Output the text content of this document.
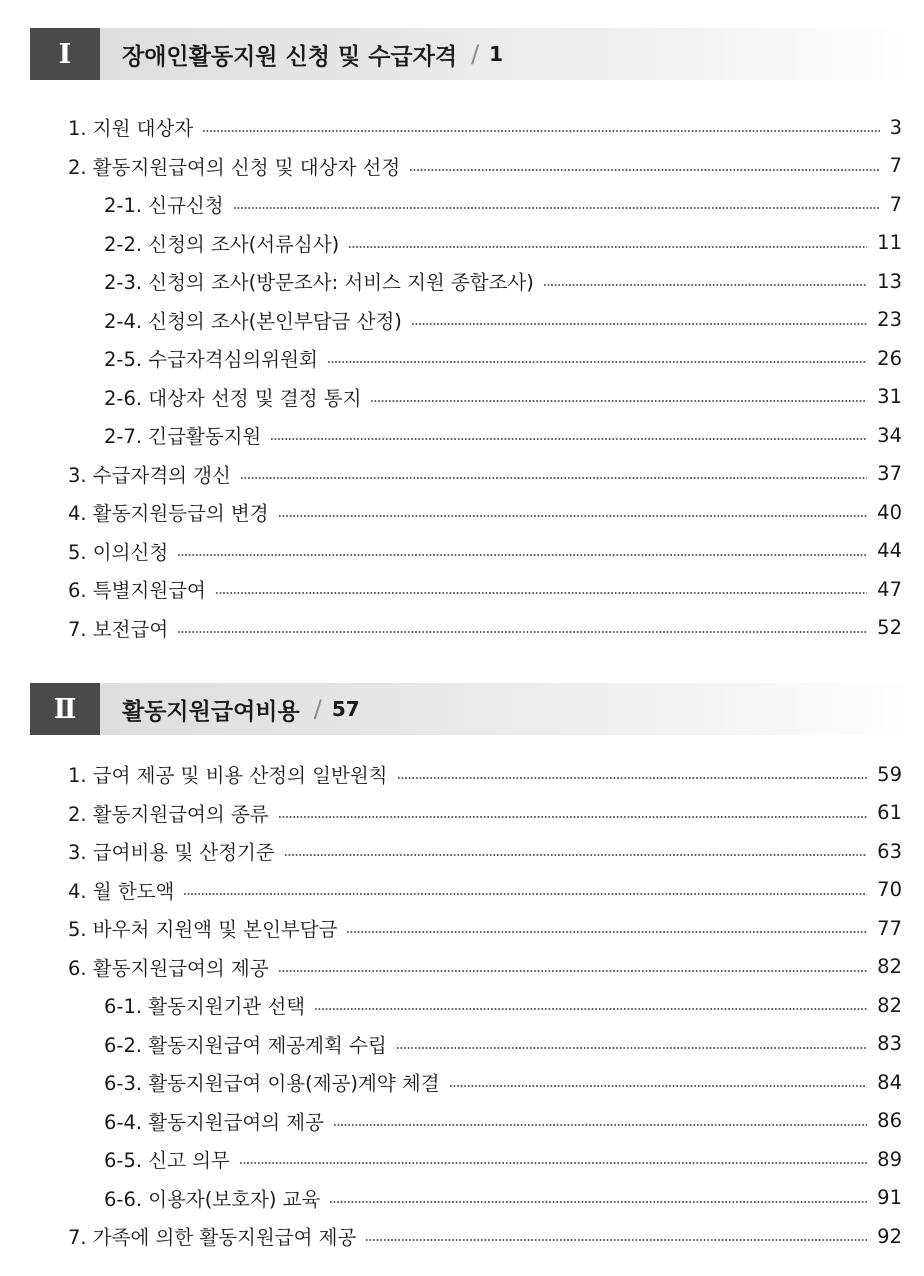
Ⅰ	장애인활동지원 신청 및 수급자격 / 1
1. 지원 대상자	3
2. 활동지원급여의 신청 및 대상자 선정	7
2-1. 신규신청	7
2-2. 신청의 조사(서류심사)	11
2-3. 신청의 조사(방문조사: 서비스 지원 종합조사)	13
2-4. 신청의 조사(본인부담금 산정)	23
2-5. 수급자격심의위원회	26
2-6. 대상자 선정 및 결정 통지	31
2-7. 긴급활동지원	34
3. 수급자격의 갱신	37
4. 활동지원등급의 변경	40
5. 이의신청	44
6. 특별지원급여	47
7. 보전급여	52
Ⅱ	활동지원급여비용 / 57
1. 급여 제공 및 비용 산정의 일반원칙	59
2. 활동지원급여의 종류	61
3. 급여비용 및 산정기준	63
4. 월 한도액	70
5. 바우처 지원액 및 본인부담금	77
6. 활동지원급여의 제공	82
6-1. 활동지원기관 선택	82
6-2. 활동지원급여 제공계획 수립	83
6-3. 활동지원급여 이용(제공)계약 체결	84
6-4. 활동지원급여의 제공	86
6-5. 신고 의무	89
6-6. 이용자(보호자) 교육	91
7. 가족에 의한 활동지원급여 제공	92
